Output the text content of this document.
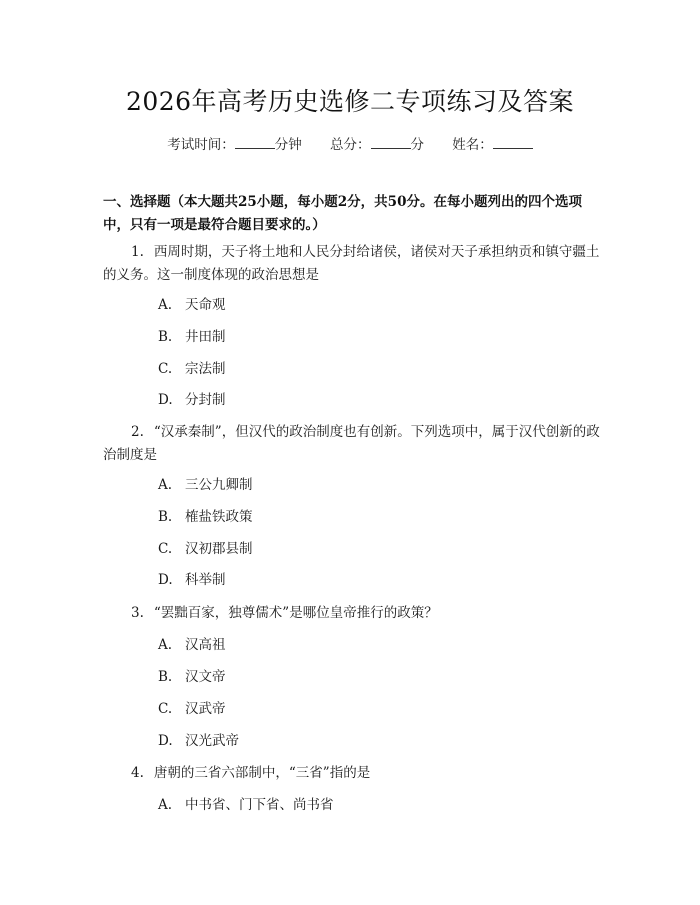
2026年高考历史选修二专项练习及答案
考试时间：	分钟 总分：	分 姓名：
一、选择题（本大题共25小题，每小题2分，共50分。在每小题列出的四个选项中，只有一项是最符合题目要求的。）
1. 西周时期，天子将土地和人民分封给诸侯，诸侯对天子承担纳贡和镇守疆土的义务。这一制度体现的政治思想是
A. 天命观
B. 井田制
C. 宗法制
D. 分封制
2. “汉承秦制”，但汉代的政治制度也有创新。下列选项中，属于汉代创新的政治制度是
A. 三公九卿制
B. 榷盐铁政策
C. 汉初郡县制
D. 科举制
3. “罢黜百家，独尊儒术”是哪位皇帝推行的政策？
A. 汉高祖
B. 汉文帝
C. 汉武帝
D. 汉光武帝
4. 唐朝的三省六部制中，“三省”指的是
A. 中书省、门下省、尚书省
